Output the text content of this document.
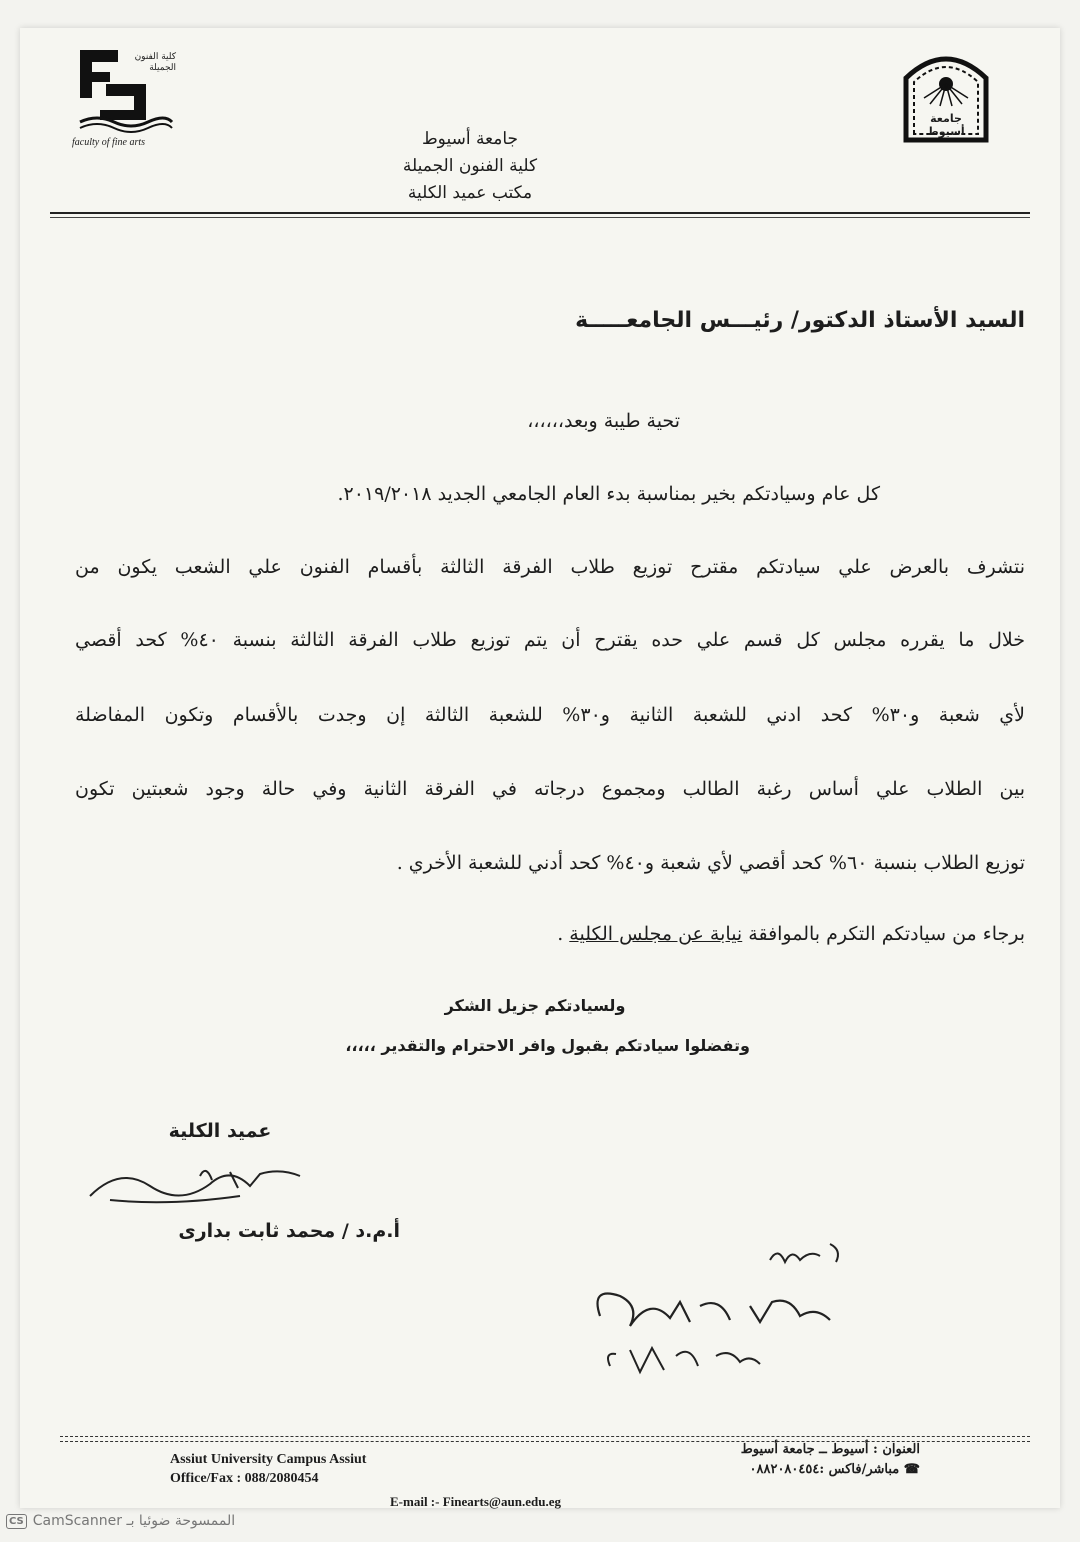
كلية الفنون الجميلة
faculty of fine arts
جامعة أسيوط
جامعة أسيوط
كلية الفنون الجميلة
مكتب عميد الكلية
السيد الأستاذ الدكتور/ رئيـــس الجامعـــــة
تحية طيبة وبعد،،،،،،
كل عام وسيادتكم بخير بمناسبة بدء العام الجامعي الجديد ٢٠١٩/٢٠١٨.
نتشرف بالعرض علي سيادتكم مقترح توزيع طلاب الفرقة الثالثة بأقسام الفنون علي الشعب يكون من
خلال ما يقرره مجلس كل قسم علي حده يقترح أن يتم توزيع طلاب الفرقة الثالثة بنسبة ٤٠% كحد أقصي
لأي شعبة و٣٠% كحد ادني للشعبة الثانية و٣٠% للشعبة الثالثة إن وجدت بالأقسام وتكون المفاضلة
بين الطلاب علي أساس رغبة الطالب ومجموع درجاته في الفرقة الثانية وفي حالة وجود شعبتين تكون
توزيع الطلاب بنسبة ٦٠% كحد أقصي لأي شعبة و٤٠% كحد أدني للشعبة الأخري .
برجاء من سيادتكم التكرم بالموافقة نيابة عن مجلس الكلية .
ولسيادتكم جزيل الشكر
وتفضلوا سيادتكم بقبول وافر الاحترام والتقدير ،،،،،
عميد الكلية
أ.م.د / محمد ثابت بدارى
Assiut University Campus Assiut
Office/Fax : 088/2080454
العنوان : أسيوط ــ جامعة أسيوط
☎ مباشر/فاكس :٠٨٨٢٠٨٠٤٥٤
E-mail :- Finearts@aun.edu.eg
CS CamScanner الممسوحة ضوئيا بـ
